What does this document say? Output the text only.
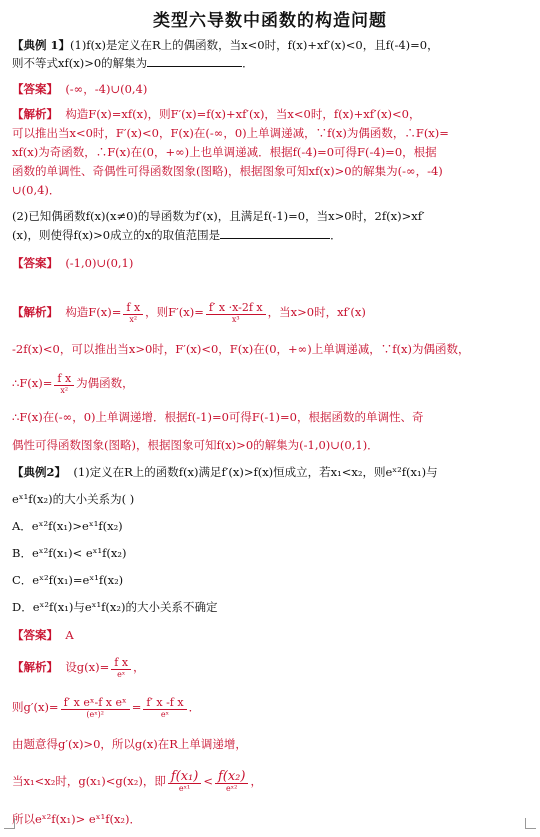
类型六导数中函数的构造问题
【典例 1】(1)f(x)是定义在R上的偶函数，当x<0时，f(x)+xf′(x)<0，且f(-4)=0，
则不等式xf(x)>0的解集为	．
【答案】 (-∞，-4)∪(0,4)
【解析】 构造F(x)=xf(x)，则F′(x)=f(x)+xf′(x)，当x<0时，f(x)+xf′(x)<0，
可以推出当x<0时，F′(x)<0，F(x)在(-∞，0)上单调递减，∵f(x)为偶函数，∴F(x)=
xf(x)为奇函数，∴F(x)在(0，+∞)上也单调递减．根据f(-4)=0可得F(-4)=0，根据
函数的单调性、奇偶性可得函数图象(图略)，根据图象可知xf(x)>0的解集为(-∞，-4)
∪(0,4)．
(2)已知偶函数f(x)(x≠0)的导函数为f′(x)，且满足f(-1)=0，当x>0时，2f(x)>xf′
(x)，则使得f(x)>0成立的x的取值范围是	．
【答案】 (-1,0)∪(0,1)
【解析】 构造$F(x)= \frac{\text{f x}}{\text{x²}}$ ，则$F'(x)= \frac{\text{f′ x ·x-2f x}}{\text{x³}}$ ，当x>0时，xf′(x)
-2f(x)<0，可以推出当x>0时，F′(x)<0，F(x)在(0，+∞)上单调递减，∵f(x)为偶函数，
∴F(x)= $\frac{\text{f x}}{\text{x²}}$ 为偶函数，
∴F(x)在(-∞，0)上单调递增．根据f(-1)=0可得F(-1)=0，根据函数的单调性、奇
偶性可得函数图象(图略)，根据图象可知f(x)>0的解集为(-1,0)∪(0,1)．
【典例2】 (1)定义在R上的函数f(x)满足f′(x)>f(x)恒成立，若x₁<x₂，则eˣ²f(x₁)与
eˣ¹f(x₂)的大小关系为( )
A．eˣ²f(x₁)>eˣ¹f(x₂)
B．eˣ²f(x₁)< eˣ¹f(x₂)
C．eˣ²f(x₁)=eˣ¹f(x₂)
D．eˣ²f(x₁)与eˣ¹f(x₂)的大小关系不确定
【答案】 A
【解析】 设$g(x)= \frac{\text{f x}}{\text{eˣ}}$ ，
则$g'(x)= \frac{\text{f′ x eˣ-f x eˣ}}{\text{(eˣ)²}} = \frac{\text{f′ x -f x}}{\text{eˣ}}$ ．
由题意得g′(x)>0，所以g(x)在R上单调递增，
当x₁<x₂时，g(x₁)<g(x₂)，即 $\frac{\text{f(x₁)}}{\text{eˣ¹}} < \frac{\text{f(x₂)}}{\text{eˣ²}}$ ，
所以eˣ²f(x₁)> eˣ¹f(x₂)．
